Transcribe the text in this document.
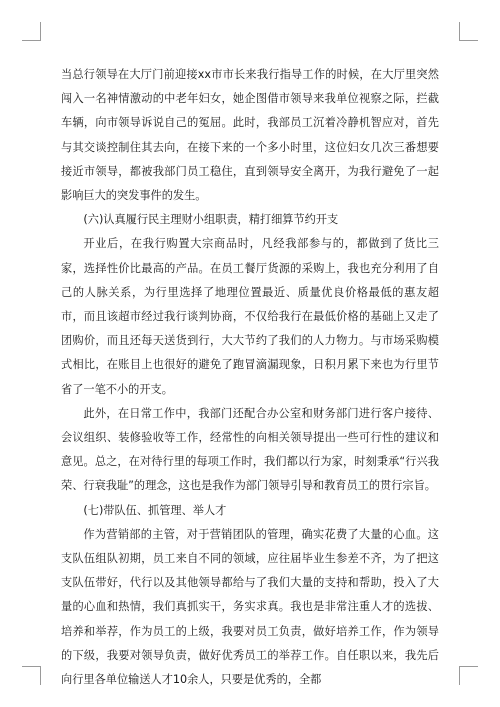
当总行领导在大厅门前迎接xx市市长来我行指导工作的时候，在大厅里突然闯入一名神情激动的中老年妇女，她企图借市领导来我单位视察之际，拦截车辆，向市领导诉说自己的冤屈。此时，我部员工沉着冷静机智应对，首先与其交谈控制住其去向，在接下来的一个多小时里，这位妇女几次三番想要接近市领导，都被我部门员工稳住，直到领导安全离开，为我行避免了一起影响巨大的突发事件的发生。

(六)认真履行民主理财小组职责，精打细算节约开支

开业后，在我行购置大宗商品时，凡经我部参与的，都做到了货比三家，选择性价比最高的产品。在员工餐厅货源的采购上，我也充分利用了自己的人脉关系，为行里选择了地理位置最近、质量优良价格最低的惠友超市，而且该超市经过我行谈判协商，不仅给我行在最低价格的基础上又走了团购价，而且还每天送货到行，大大节约了我们的人力物力。与市场采购模式相比，在账目上也很好的避免了跑冒滴漏现象，日积月累下来也为行里节省了一笔不小的开支。

此外，在日常工作中，我部门还配合办公室和财务部门进行客户接待、会议组织、装修验收等工作，经常性的向相关领导提出一些可行性的建议和意见。总之，在对待行里的每项工作时，我们都以行为家，时刻秉承“行兴我荣、行衰我耻”的理念，这也是我作为部门领导引导和教育员工的贯行宗旨。

(七)带队伍、抓管理、举人才

作为营销部的主管，对于营销团队的管理，确实花费了大量的心血。这支队伍组队初期，员工来自不同的领域，应往届毕业生参差不齐，为了把这支队伍带好，代行以及其他领导都给与了我们大量的支持和帮助，投入了大量的心血和热情，我们真抓实干，务实求真。我也是非常注重人才的选拔、培养和举荐，作为员工的上级，我要对员工负责，做好培养工作，作为领导的下级，我要对领导负责，做好优秀员工的举荐工作。自任职以来，我先后向行里各单位输送人才10余人，只要是优秀的，全都
